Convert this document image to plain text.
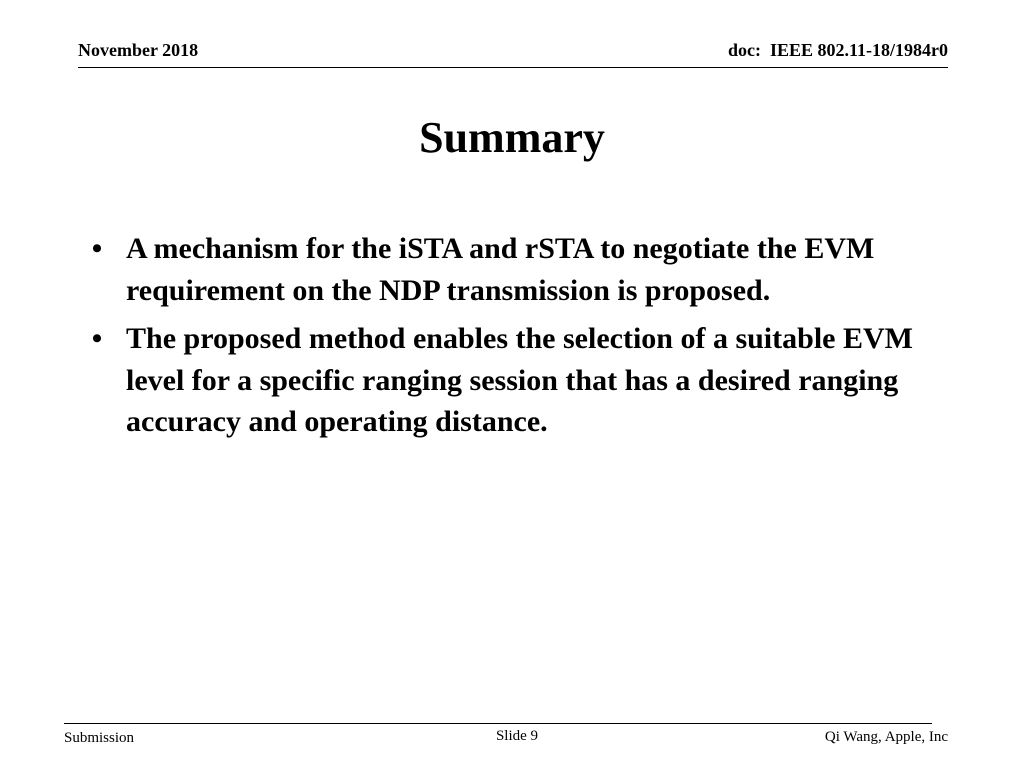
November 2018	doc:  IEEE 802.11-18/1984r0
Summary
• A mechanism for the iSTA and rSTA to negotiate the EVM requirement on the NDP transmission is proposed.
• The proposed method enables the selection of a suitable EVM level for a specific ranging session that has a desired ranging accuracy and operating distance.
Submission	Slide 9	Qi Wang, Apple, Inc
